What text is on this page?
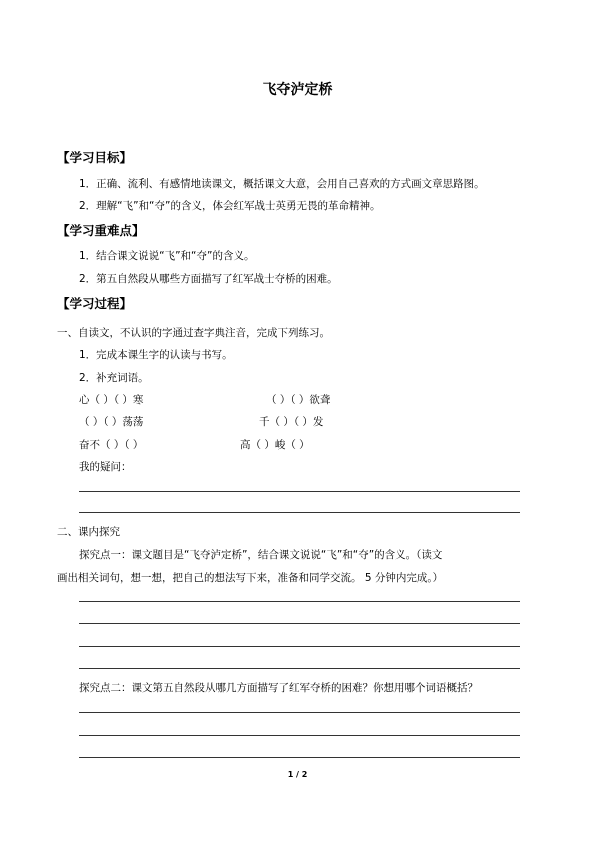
飞夺泸定桥
【学习目标】
1．正确、流利、有感情地读课文，概括课文大意，会用自己喜欢的方式画文章思路图。
2．理解“飞”和“夺”的含义，体会红军战士英勇无畏的革命精神。
【学习重难点】
1．结合课文说说“飞”和“夺”的含义。
2．第五自然段从哪些方面描写了红军战士夺桥的困难。
【学习过程】
一、自读文，不认识的字通过查字典注音，完成下列练习。
1．完成本课生字的认读与书写。
2．补充词语。
心（ ）（ ）寒	（ ）（ ）欲聋
（ ）（ ）荡荡	千（ ）（ ）发
奋不（ ）（ ）	高（ ）峻（ ）
我的疑问：
二、课内探究
探究点一：课文题目是“飞夺泸定桥”，结合课文说说“飞”和“夺”的含义。（读文
画出相关词句，想一想，把自己的想法写下来，准备和同学交流。 5 分钟内完成。）
探究点二：课文第五自然段从哪几方面描写了红军夺桥的困难？你想用哪个词语概括？
1 / 2
